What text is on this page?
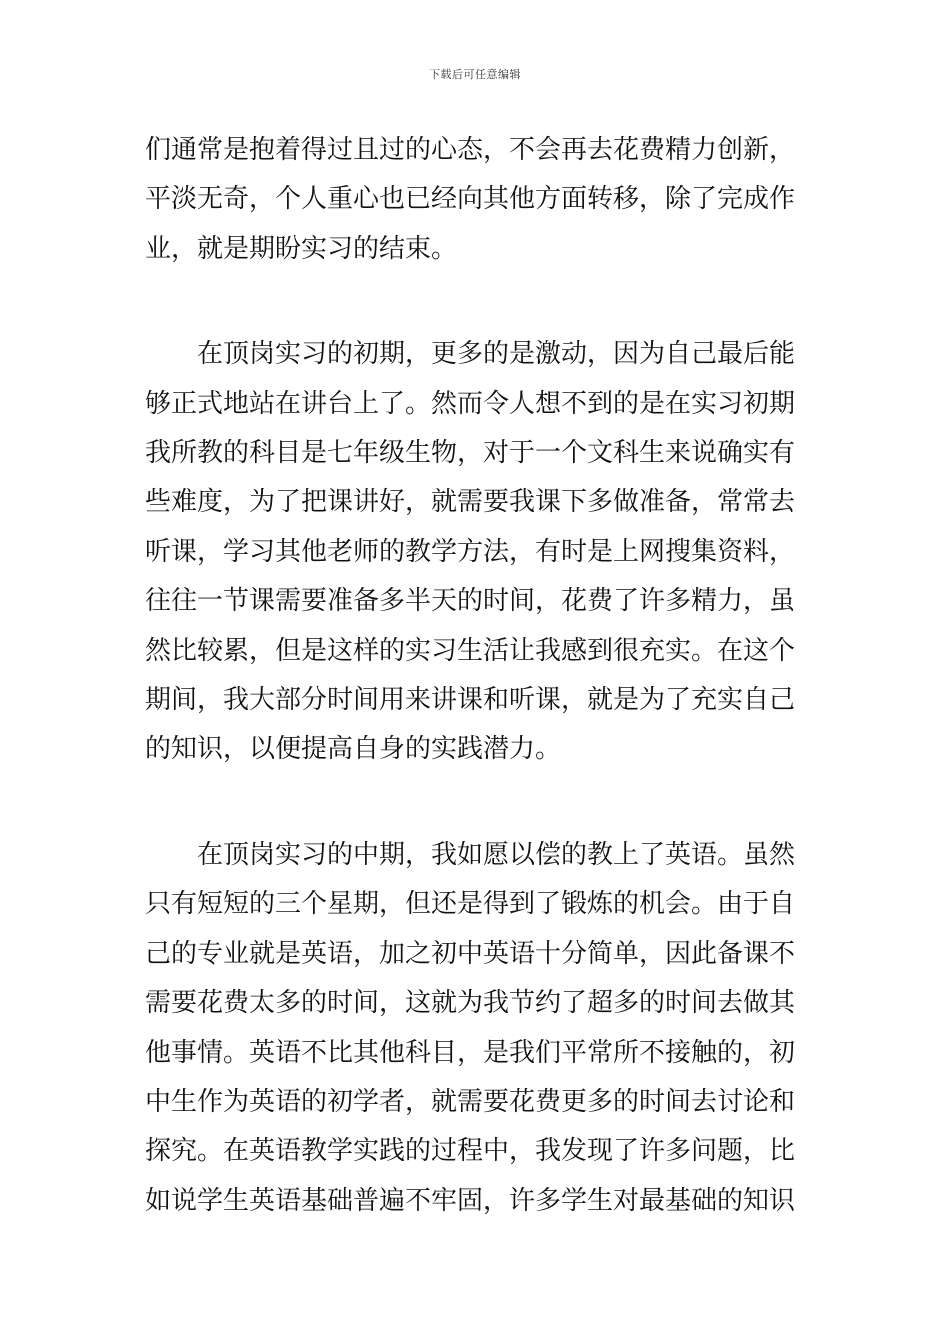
下载后可任意编辑
们通常是抱着得过且过的心态，不会再去花费精力创新，
平淡无奇，个人重心也已经向其他方面转移，除了完成作
业，就是期盼实习的结束。
在顶岗实习的初期，更多的是激动，因为自己最后能
够正式地站在讲台上了。然而令人想不到的是在实习初期
我所教的科目是七年级生物，对于一个文科生来说确实有
些难度，为了把课讲好，就需要我课下多做准备，常常去
听课，学习其他老师的教学方法，有时是上网搜集资料，
往往一节课需要准备多半天的时间，花费了许多精力，虽
然比较累，但是这样的实习生活让我感到很充实。在这个
期间，我大部分时间用来讲课和听课，就是为了充实自己
的知识，以便提高自身的实践潜力。
在顶岗实习的中期，我如愿以偿的教上了英语。虽然
只有短短的三个星期，但还是得到了锻炼的机会。由于自
己的专业就是英语，加之初中英语十分简单，因此备课不
需要花费太多的时间，这就为我节约了超多的时间去做其
他事情。英语不比其他科目，是我们平常所不接触的，初
中生作为英语的初学者，就需要花费更多的时间去讨论和
探究。在英语教学实践的过程中，我发现了许多问题，比
如说学生英语基础普遍不牢固，许多学生对最基础的知识
